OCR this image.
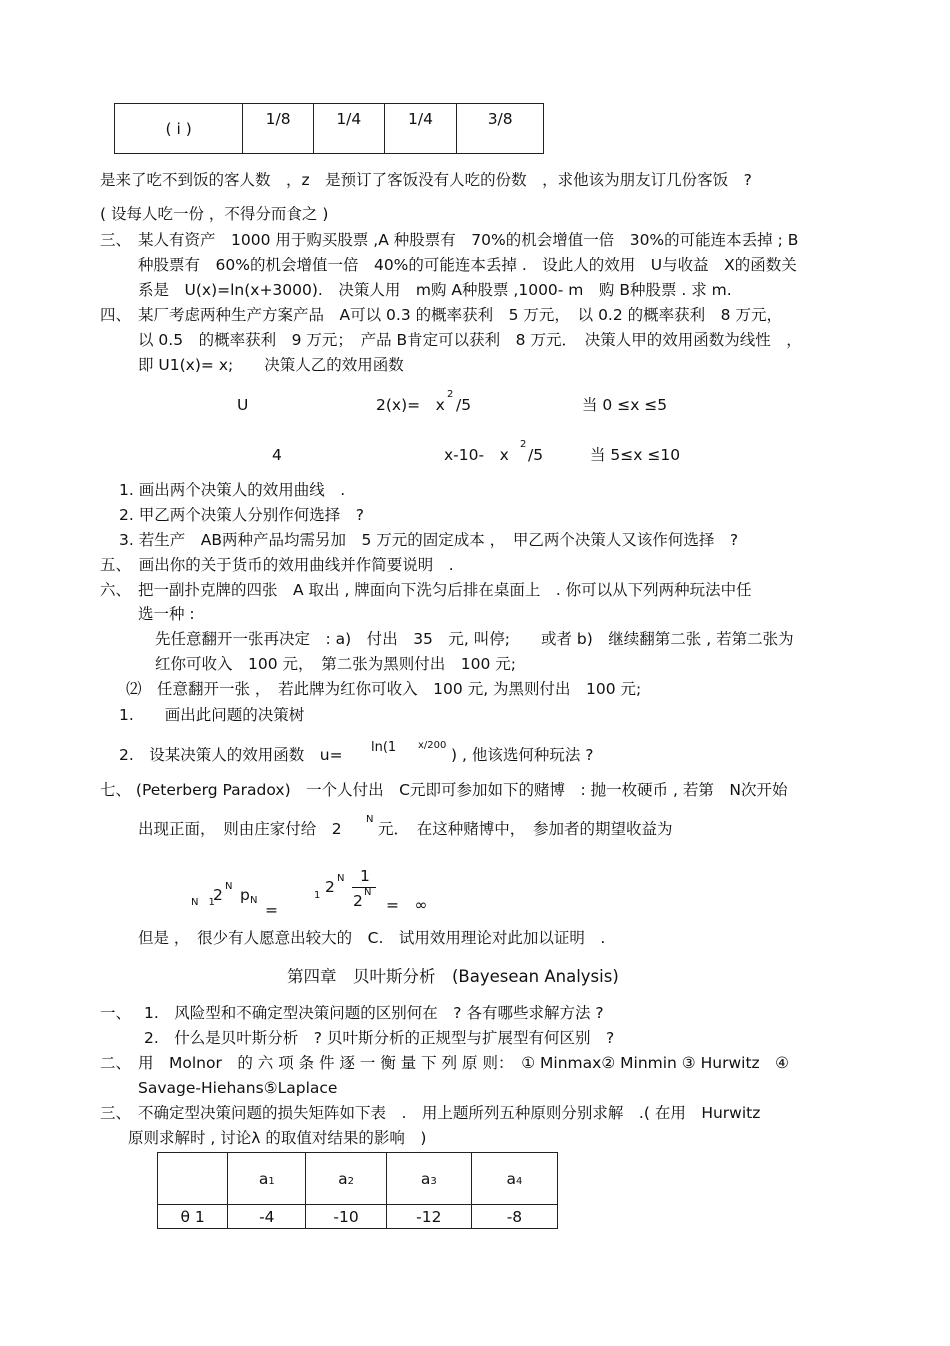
( i )	1/8	1/4	1/4	3/8
是来了吃不到饭的客人数　，z　是预订了客饭没有人吃的份数　，求他该为朋友订几份客饭　?
( 设每人吃一份 ，不得分而食之 )
三、 某人有资产　1000 用于购买股票 ,A 种股票有　70%的机会增值一倍　30%的可能连本丢掉 ; B
种股票有　60%的机会增值一倍　40%的可能连本丢掉 .　设此人的效用　U与收益　X的函数关
系是　U(x)=ln(x+3000).　决策人用　m购 A种股票 ,1000- m　购 B种股票 . 求 m.
四、 某厂考虑两种生产方案产品　A可以 0.3 的概率获利　5 万元，　以 0.2 的概率获利　8 万元，
以 0.5　的概率获利　9 万元；　产品 B肯定可以获利　8 万元．　决策人甲的效用函数为线性　，
即 U1(x)= x;　　决策人乙的效用函数
U	2(x)=　x
2
/5	当 0 ≤x ≤5
4	x-10-　x
2
/5	当 5≤x ≤10
1. 画出两个决策人的效用曲线　.
2. 甲乙两个决策人分别作何选择　?
3. 若生产　AB两种产品均需另加　5 万元的固定成本 ，　甲乙两个决策人又该作何选择　?
五、　画出你的关于货币的效用曲线并作简要说明　.
六、 把一副扑克牌的四张　A 取出 , 牌面向下洗匀后排在桌面上　. 你可以从下列两种玩法中任
选一种 :
先任意翻开一张再决定　: a)　付出　35　元, 叫停;　　或者 b)　继续翻第二张 , 若第二张为
红你可收入　100 元，　第二张为黑则付出　100 元;
⑵　任意翻开一张 ，　若此牌为红你可收入　100 元, 为黑则付出　100 元;
1.　　画出此问题的决策树
2.　设某决策人的效用函数　u= ln(1 x/200
) , 他该选何种玩法 ?
七、 (Peterberg Paradox)　一个人付出　C元即可参加如下的赌博　: 抛一枚硬币 , 若第　N次开始
出现正面，　则由庄家付给　2
N
元．　在这种赌博中，　参加者的期望收益为
N　1
2 N p N
=
1 2 N 1
2 N
=　∞
但是 ，　很少有人愿意出较大的　C.　试用效用理论对此加以证明　.
第四章　贝叶斯分析　(Bayesean Analysis)
一、 1.　风险型和不确定型决策问题的区别何在　? 各有哪些求解方法 ?
2.　什么是贝叶斯分析　? 贝叶斯分析的正规型与扩展型有何区别　?
二、 用　Molnor　的 六 项 条 件 逐 一 衡 量 下 列 原 则：　① Minmax② Minmin ③ Hurwitz　④
Savage-Hiehans⑤Laplace
三、 不确定型决策问题的损失矩阵如下表　.　用上题所列五种原则分别求解　.( 在用　Hurwitz
原则求解时 , 讨论λ 的取值对结果的影响　)
	a1	a2	a3	a4
θ 1	-4	-10	-12	-8
